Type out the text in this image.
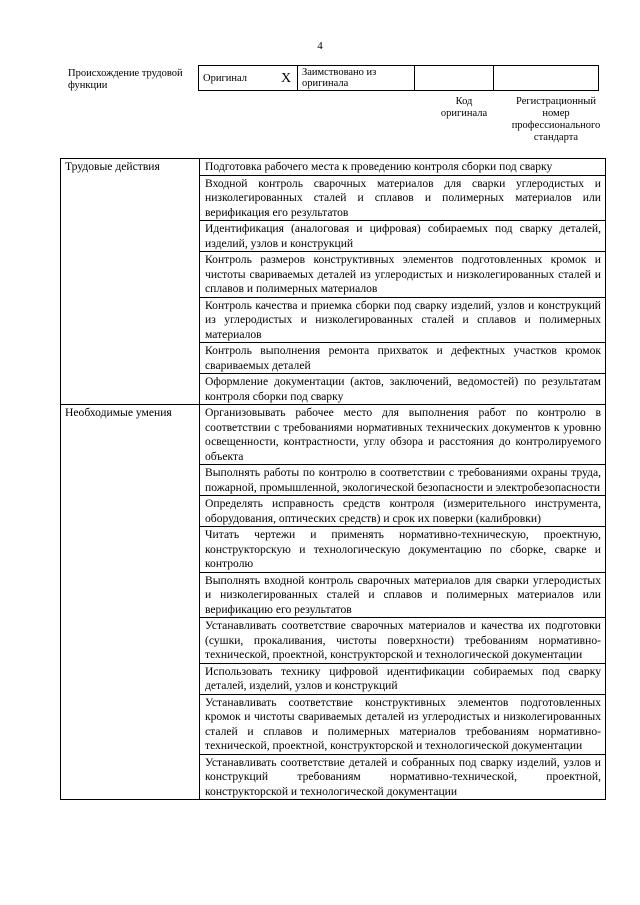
4
Происхождение трудовой функции
Оригинал	X	Заимствовано из оригинала		
Код оригинала
Регистрационный номер профессионального стандарта
Трудовые действия	Подготовка рабочего места к проведению контроля сборки под сварку
	Входной контроль сварочных материалов для сварки углеродистых и низколегированных сталей и сплавов и полимерных материалов или верификация его результатов
	Идентификация (аналоговая и цифровая) собираемых под сварку деталей, изделий, узлов и конструкций
	Контроль размеров конструктивных элементов подготовленных кромок и чистоты свариваемых деталей из углеродистых и низколегированных сталей и сплавов и полимерных материалов
	Контроль качества и приемка сборки под сварку изделий, узлов и конструкций из углеродистых и низколегированных сталей и сплавов и полимерных материалов
	Контроль выполнения ремонта прихваток и дефектных участков кромок свариваемых деталей
	Оформление документации (актов, заключений, ведомостей) по результатам контроля сборки под сварку
Необходимые умения	Организовывать рабочее место для выполнения работ по контролю в соответствии с требованиями нормативных технических документов к уровню освещенности, контрастности, углу обзора и расстояния до контролируемого объекта
	Выполнять работы по контролю в соответствии с требованиями охраны труда, пожарной, промышленной, экологической безопасности и электробезопасности
	Определять исправность средств контроля (измерительного инструмента, оборудования, оптических средств) и срок их поверки (калибровки)
	Читать чертежи и применять нормативно-техническую, проектную, конструкторскую и технологическую документацию по сборке, сварке и контролю
	Выполнять входной контроль сварочных материалов для сварки углеродистых и низколегированных сталей и сплавов и полимерных материалов или верификацию его результатов
	Устанавливать соответствие сварочных материалов и качества их подготовки (сушки, прокаливания, чистоты поверхности) требованиям нормативно-технической, проектной, конструкторской и технологической документации
	Использовать технику цифровой идентификации собираемых под сварку деталей, изделий, узлов и конструкций
	Устанавливать соответствие конструктивных элементов подготовленных кромок и чистоты свариваемых деталей из углеродистых и низколегированных сталей и сплавов и полимерных материалов требованиям нормативно-технической, проектной, конструкторской и технологической документации
	Устанавливать соответствие деталей и собранных под сварку изделий, узлов и конструкций требованиям нормативно-технической, проектной, конструкторской и технологической документации
